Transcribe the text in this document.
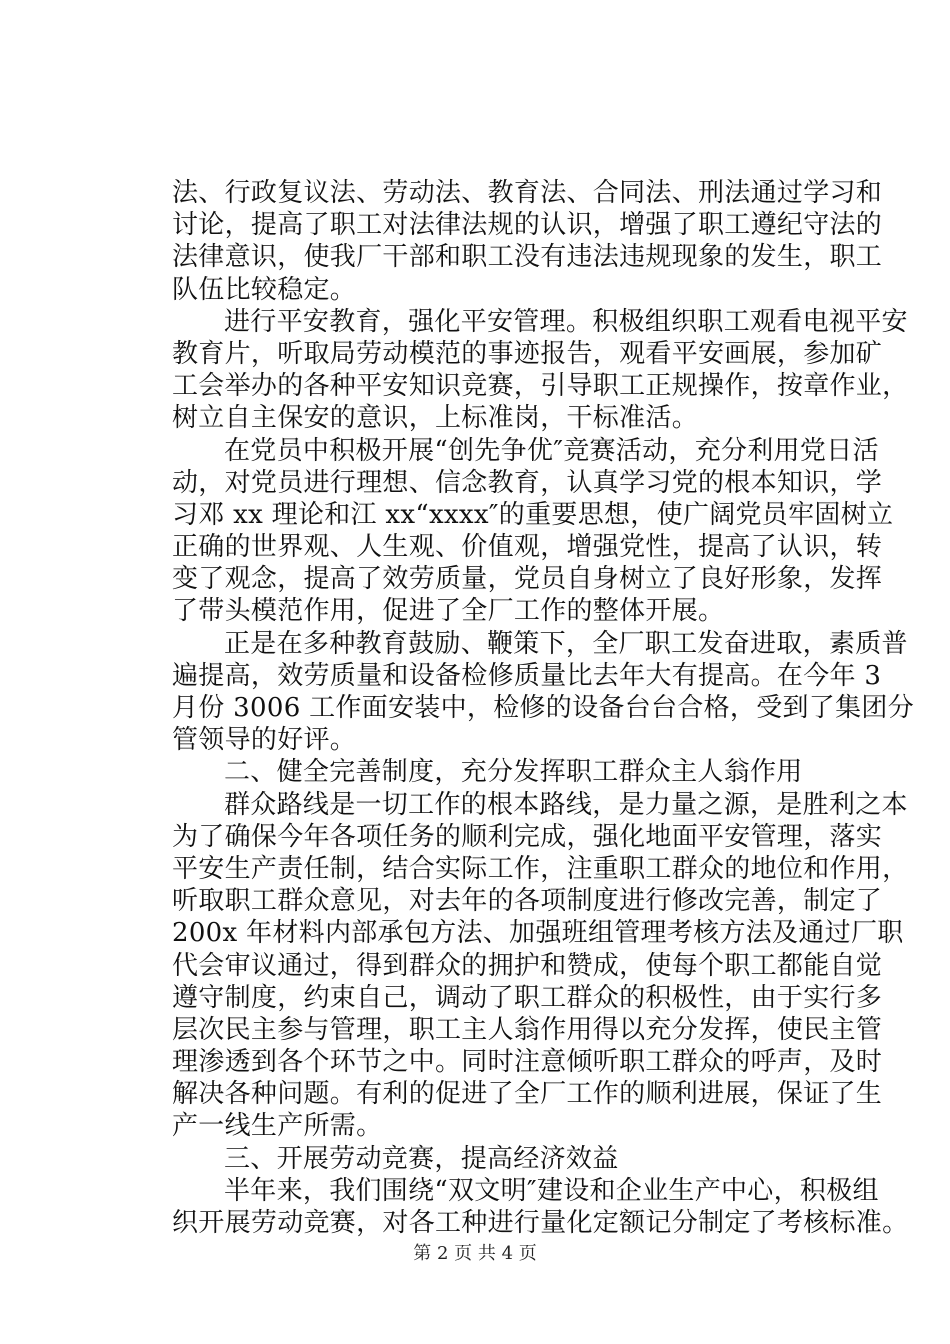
法、行政复议法、劳动法、教育法、合同法、刑法通过学习和
讨论，提高了职工对法律法规的认识，增强了职工遵纪守法的
法律意识，使我厂干部和职工没有违法违规现象的发生，职工
队伍比较稳定。
进行平安教育，强化平安管理。积极组织职工观看电视平安
教育片，听取局劳动模范的事迹报告，观看平安画展，参加矿
工会举办的各种平安知识竞赛，引导职工正规操作，按章作业，
树立自主保安的意识，上标准岗，干标准活。
在党员中积极开展“创先争优″竞赛活动，充分利用党日活
动，对党员进行理想、信念教育，认真学习党的根本知识，学
习邓 xx 理论和江 xx“xxxx″的重要思想，使广阔党员牢固树立
正确的世界观、人生观、价值观，增强党性，提高了认识，转
变了观念，提高了效劳质量，党员自身树立了良好形象，发挥
了带头模范作用，促进了全厂工作的整体开展。
正是在多种教育鼓励、鞭策下，全厂职工发奋进取，素质普
遍提高，效劳质量和设备检修质量比去年大有提高。在今年 3
月份 3006 工作面安装中，检修的设备台台合格，受到了集团分
管领导的好评。
二、健全完善制度，充分发挥职工群众主人翁作用
群众路线是一切工作的根本路线，是力量之源，是胜利之本
为了确保今年各项任务的顺利完成，强化地面平安管理，落实
平安生产责任制，结合实际工作，注重职工群众的地位和作用，
听取职工群众意见，对去年的各项制度进行修改完善，制定了
200x 年材料内部承包方法、加强班组管理考核方法及通过厂职
代会审议通过，得到群众的拥护和赞成，使每个职工都能自觉
遵守制度，约束自己，调动了职工群众的积极性，由于实行多
层次民主参与管理，职工主人翁作用得以充分发挥，使民主管
理渗透到各个环节之中。同时注意倾听职工群众的呼声，及时
解决各种问题。有利的促进了全厂工作的顺利进展，保证了生
产一线生产所需。
三、开展劳动竞赛，提高经济效益
半年来，我们围绕“双文明″建设和企业生产中心，积极组
织开展劳动竞赛，对各工种进行量化定额记分制定了考核标准。
第 2 页 共 4 页
